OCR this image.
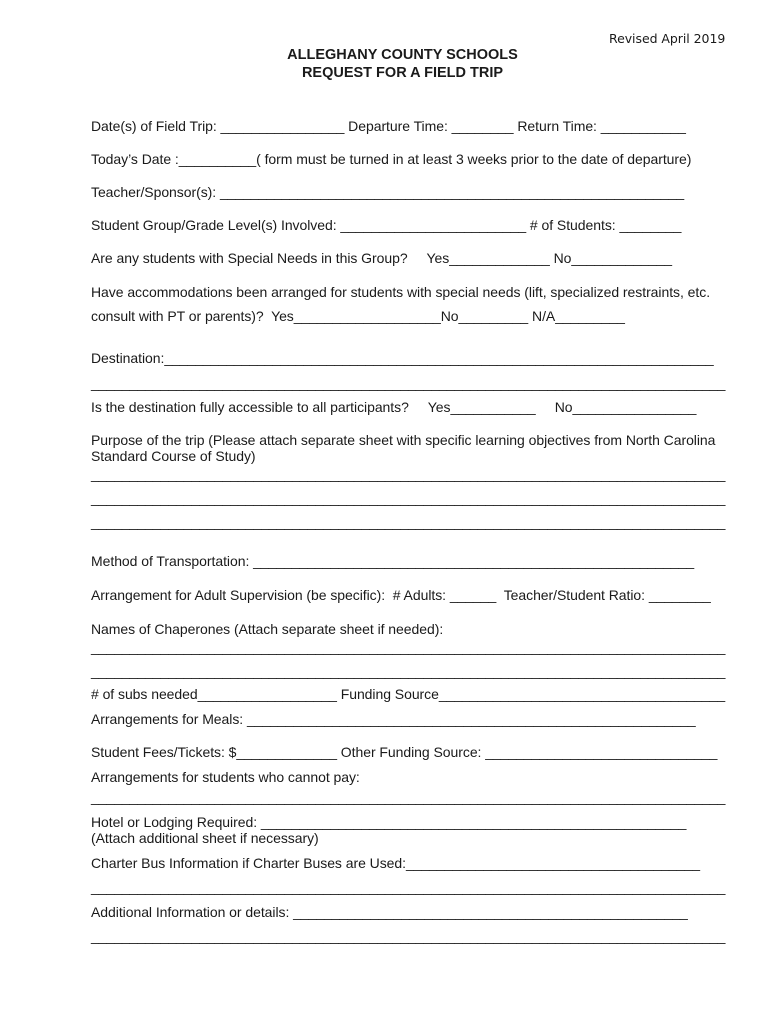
Revised April 2019
ALLEGHANY COUNTY SCHOOLS
REQUEST FOR A FIELD TRIP
Date(s) of Field Trip: ________________ Departure Time: ________ Return Time: ___________
Today’s Date :__________( form must be turned in at least 3 weeks prior to the date of departure)
Teacher/Sponsor(s): ____________________________________________________________
Student Group/Grade Level(s) Involved: ________________________ # of Students: ________
Are any students with Special Needs in this Group?     Yes_____________ No_____________
Have accommodations been arranged for students with special needs (lift, specialized restraints, etc.
consult with PT or parents)?  Yes___________________No_________ N/A_________
Destination:_______________________________________________________________________
__________________________________________________________________________________
Is the destination fully accessible to all participants?     Yes___________     No________________
Purpose of the trip (Please attach separate sheet with specific learning objectives from North Carolina
Standard Course of Study)
__________________________________________________________________________________
__________________________________________________________________________________
__________________________________________________________________________________
Method of Transportation: _________________________________________________________
Arrangement for Adult Supervision (be specific):  # Adults: ______  Teacher/Student Ratio: ________
Names of Chaperones (Attach separate sheet if needed):
__________________________________________________________________________________
__________________________________________________________________________________
# of subs needed__________________ Funding Source_____________________________________
Arrangements for Meals: __________________________________________________________
Student Fees/Tickets: $_____________ Other Funding Source: ______________________________
Arrangements for students who cannot pay:
__________________________________________________________________________________
Hotel or Lodging Required: _______________________________________________________
(Attach additional sheet if necessary)
Charter Bus Information if Charter Buses are Used:______________________________________
__________________________________________________________________________________
Additional Information or details: ___________________________________________________
__________________________________________________________________________________
